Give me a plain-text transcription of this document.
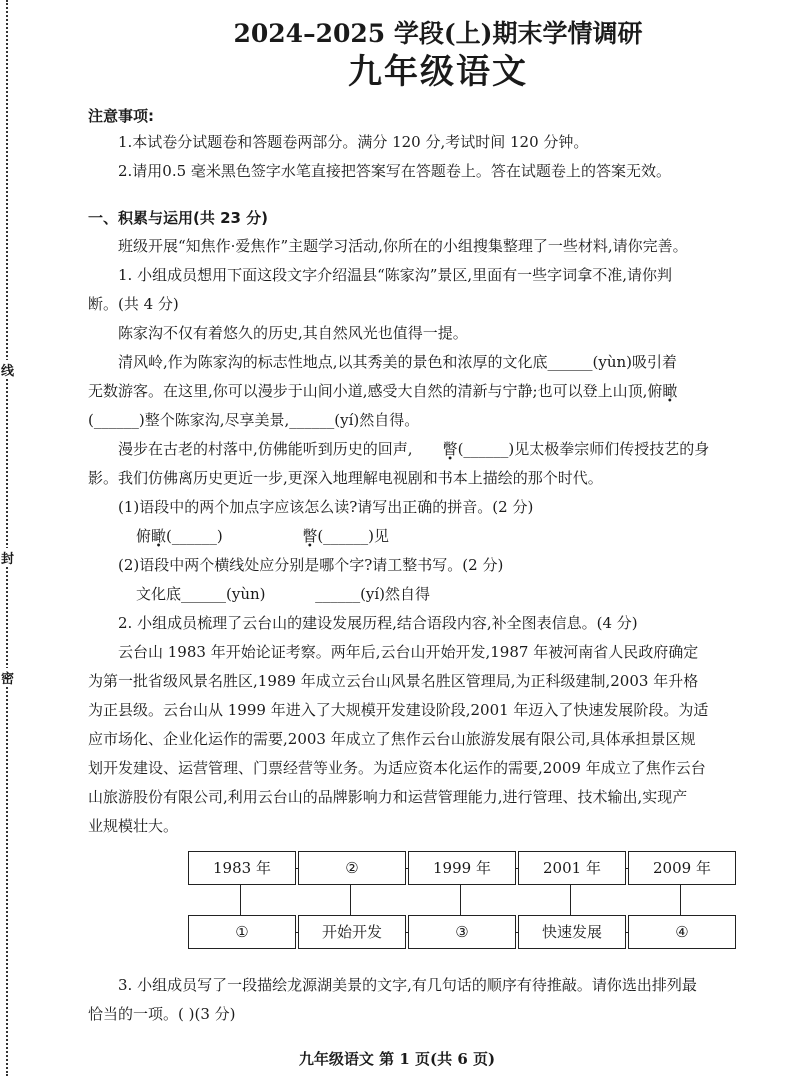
线
封
密
2024–2025 学段(上)期末学情调研
九年级语文
注意事项:

1.本试卷分试题卷和答题卷两部分。满分 120 分,考试时间 120 分钟。

2.请用0.5 毫米黑色签字水笔直接把答案写在答题卷上。答在试题卷上的答案无效。

一、积累与运用(共 23 分)

班级开展“知焦作·爱焦作”主题学习活动,你所在的小组搜集整理了一些材料,请你完善。

1. 小组成员想用下面这段文字介绍温县“陈家沟”景区,里面有一些字词拿不准,请你判

断。(共 4 分)

陈家沟不仅有着悠久的历史,其自然风光也值得一提。

清风岭,作为陈家沟的标志性地点,以其秀美的景色和浓厚的文化底______(yùn)吸引着

无数游客。在这里,你可以漫步于山间小道,感受大自然的清新与宁静;也可以登上山顶,俯瞰

(______)整个陈家沟,尽享美景,______(yí)然自得。

漫步在古老的村落中,仿佛能听到历史的回声, 瞥(______)见太极拳宗师们传授技艺的身

影。我们仿佛离历史更近一步,更深入地理解电视剧和书本上描绘的那个时代。

(1)语段中的两个加点字应该怎么读?请写出正确的拼音。(2 分)

俯瞰(______)	瞥(______)见

(2)语段中两个横线处应分别是哪个字?请工整书写。(2 分)

文化底______(yùn)	______(yí)然自得

2. 小组成员梳理了云台山的建设发展历程,结合语段内容,补全图表信息。(4 分)

云台山 1983 年开始论证考察。两年后,云台山开始开发,1987 年被河南省人民政府确定

为第一批省级风景名胜区,1989 年成立云台山风景名胜区管理局,为正科级建制,2003 年升格

为正县级。云台山从 1999 年进入了大规模开发建设阶段,2001 年迈入了快速发展阶段。为适

应市场化、企业化运作的需要,2003 年成立了焦作云台山旅游发展有限公司,具体承担景区规

划开发建设、运营管理、门票经营等业务。为适应资本化运作的需要,2009 年成立了焦作云台

山旅游股份有限公司,利用云台山的品牌影响力和运营管理能力,进行管理、技术输出,实现产

业规模壮大。

1983 年	②	1999 年	2001 年	2009 年
①	开始开发	③	快速发展	④

3. 小组成员写了一段描绘龙源湖美景的文字,有几句话的顺序有待推敲。请你选出排列最

恰当的一项。( )(3 分)

九年级语文 第 1 页(共 6 页)
